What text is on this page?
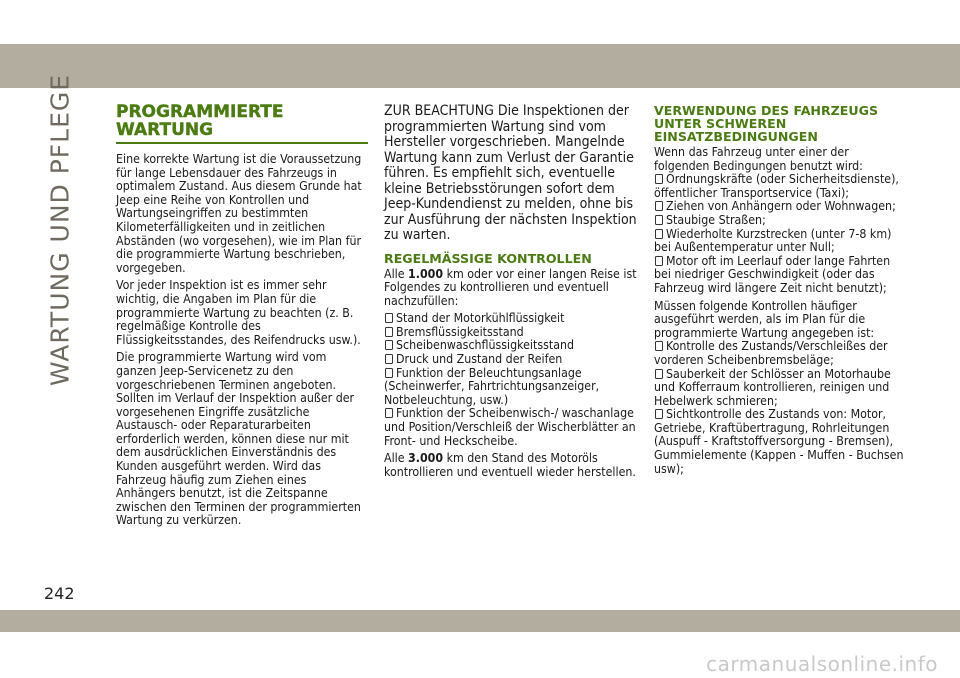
WARTUNG UND PFLEGE PROGRAMMIERTE WARTUNG

Eine korrekte Wartung ist die Voraussetzung für lange Lebensdauer des Fahrzeugs in optimalem Zustand. Aus diesem Grunde hat Jeep eine Reihe von Kontrollen und Wartungseingriffen zu bestimmten Kilometerfälligkeiten und in zeitlichen Abständen (wo vorgesehen), wie im Plan für die programmierte Wartung beschrieben, vorgegeben.

Vor jeder Inspektion ist es immer sehr wichtig, die Angaben im Plan für die programmierte Wartung zu beachten (z. B. regelmäßige Kontrolle des Flüssigkeitsstandes, des Reifendrucks usw.).

Die programmierte Wartung wird vom ganzen Jeep-Servicenetz zu den vorgeschriebenen Terminen angeboten. Sollten im Verlauf der Inspektion außer der vorgesehenen Eingriffe zusätzliche Austausch- oder Reparaturarbeiten erforderlich werden, können diese nur mit dem ausdrücklichen Einverständnis des Kunden ausgeführt werden. Wird das Fahrzeug häufig zum Ziehen eines Anhängers benutzt, ist die Zeitspanne zwischen den Terminen der programmierten Wartung zu verkürzen.

ZUR BEACHTUNG Die Inspektionen der programmierten Wartung sind vom Hersteller vorgeschrieben. Mangelnde Wartung kann zum Verlust der Garantie führen. Es empfiehlt sich, eventuelle kleine Betriebsstörungen sofort dem Jeep-Kundendienst zu melden, ohne bis zur Ausführung der nächsten Inspektion zu warten.

REGELMÄSSIGE KONTROLLEN

Alle 1.000 km oder vor einer langen Reise ist Folgendes zu kontrollieren und eventuell nachzufüllen:

Stand der Motorkühlflüssigkeit
Bremsflüssigkeitsstand
Scheibenwaschflüssigkeitsstand
Druck und Zustand der Reifen
Funktion der Beleuchtungsanlage (Scheinwerfer, Fahrtrichtungsanzeiger, Notbeleuchtung, usw.)
Funktion der Scheibenwisch-/ waschanlage und Position/Verschleiß der Wischerblätter an Front- und Heckscheibe.

Alle 3.000 km den Stand des Motoröls kontrollieren und eventuell wieder herstellen.

VERWENDUNG DES FAHRZEUGS UNTER SCHWEREN EINSATZBEDINGUNGEN

Wenn das Fahrzeug unter einer der folgenden Bedingungen benutzt wird:

Ordnungskräfte (oder Sicherheitsdienste), öffentlicher Transportservice (Taxi);
Ziehen von Anhängern oder Wohnwagen;
Staubige Straßen;
Wiederholte Kurzstrecken (unter 7-8 km) bei Außentemperatur unter Null;
Motor oft im Leerlauf oder lange Fahrten bei niedriger Geschwindigkeit (oder das Fahrzeug wird längere Zeit nicht benutzt);

Müssen folgende Kontrollen häufiger ausgeführt werden, als im Plan für die programmierte Wartung angegeben ist:

Kontrolle des Zustands/Verschleißes der vorderen Scheibenbremsbeläge;
Sauberkeit der Schlösser an Motorhaube und Kofferraum kontrollieren, reinigen und Hebelwerk schmieren;
Sichtkontrolle des Zustands von: Motor, Getriebe, Kraftübertragung, Rohrleitungen (Auspuff - Kraftstoffversorgung - Bremsen), Gummielemente (Kappen - Muffen - Buchsen usw);
242
carmanualsonline.info
